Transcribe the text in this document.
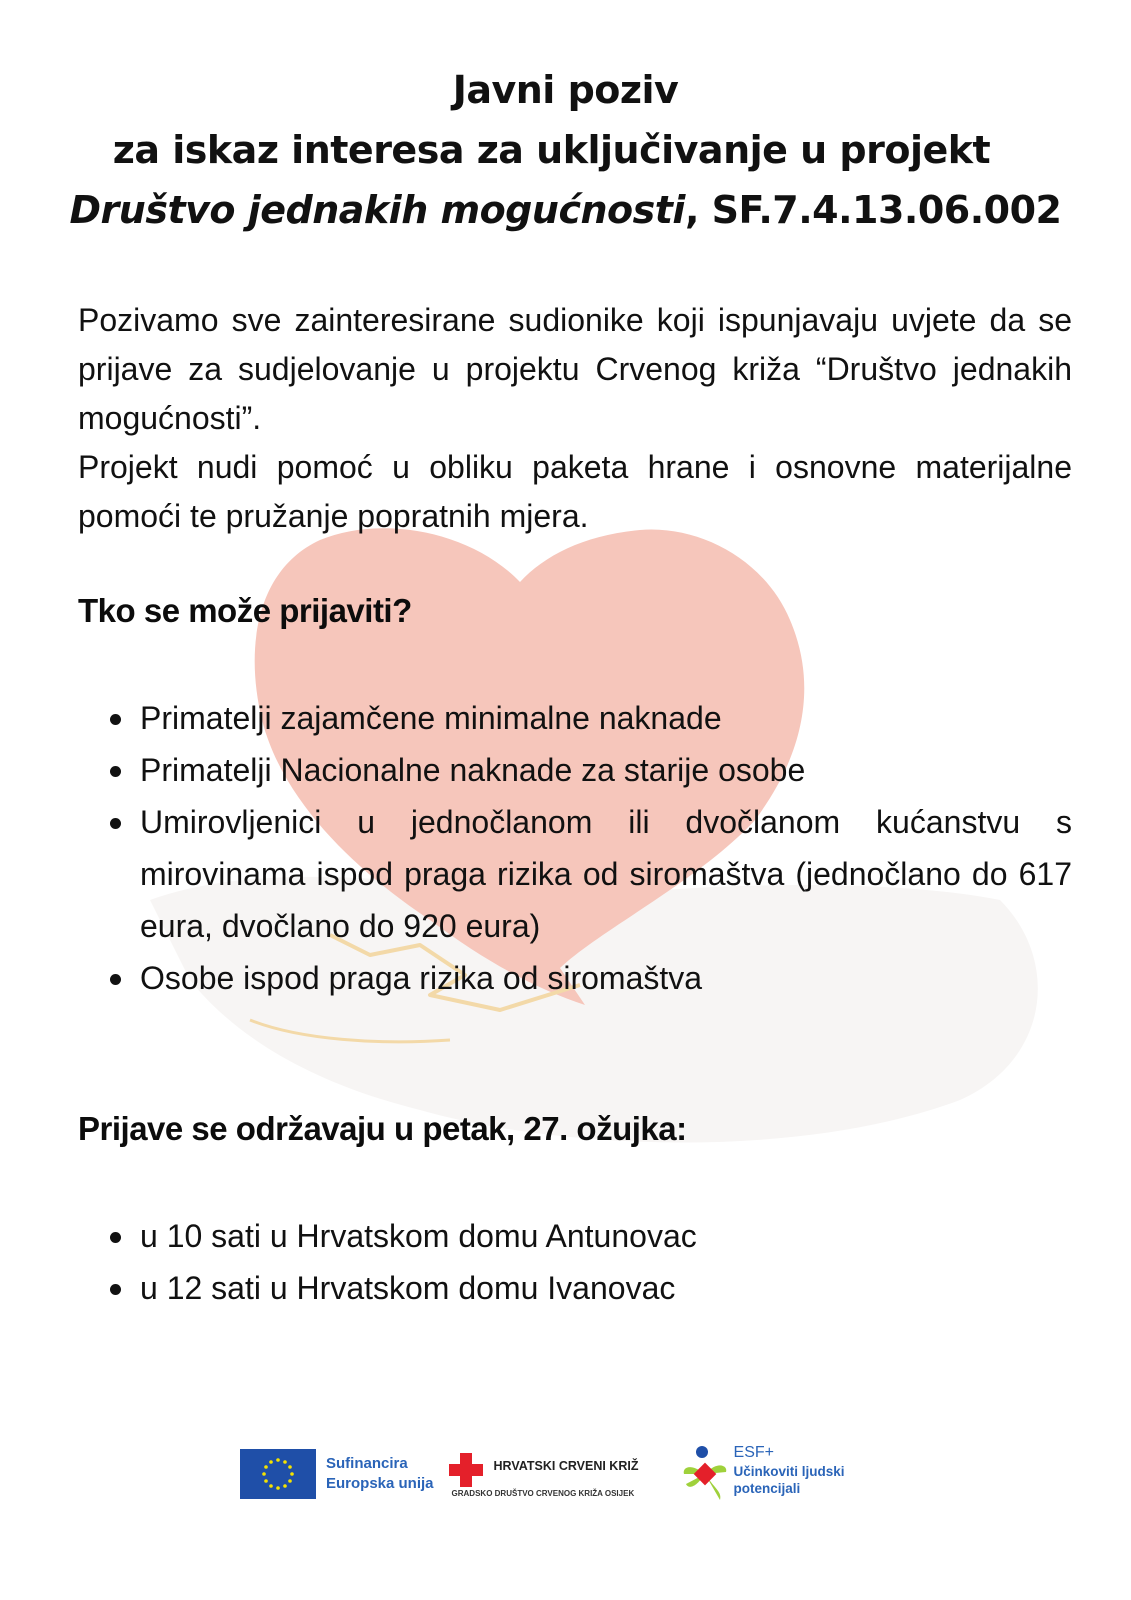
Javni poziv
za iskaz interesa za uključivanje u projekt
Društvo jednakih mogućnosti, SF.7.4.13.06.002
Pozivamo sve zainteresirane sudionike koji ispunjavaju uvjete da se prijave za sudjelovanje u projektu Crvenog križa “Društvo jednakih mogućnosti”.
Projekt nudi pomoć u obliku paketa hrane i osnovne materijalne pomoći te pružanje popratnih mjera.
Tko se može prijaviti?
Primatelji zajamčene minimalne naknade
Primatelji Nacionalne naknade za starije osobe
Umirovljenici u jednočlanom ili dvočlanom kućanstvu s mirovinama ispod praga rizika od siromaštva (jednočlano do 617 eura, dvočlano do 920 eura)
Osobe ispod praga rizika od siromaštva
Prijave se održavaju u petak, 27. ožujka:
u 10 sati u Hrvatskom domu Antunovac
u 12 sati u Hrvatskom domu Ivanovac
Sufinancira
Europska unija
HRVATSKI CRVENI KRIŽ
GRADSKO DRUŠTVO CRVENOG KRIŽA OSIJEK
ESF+
Učinkoviti ljudski
potencijali
